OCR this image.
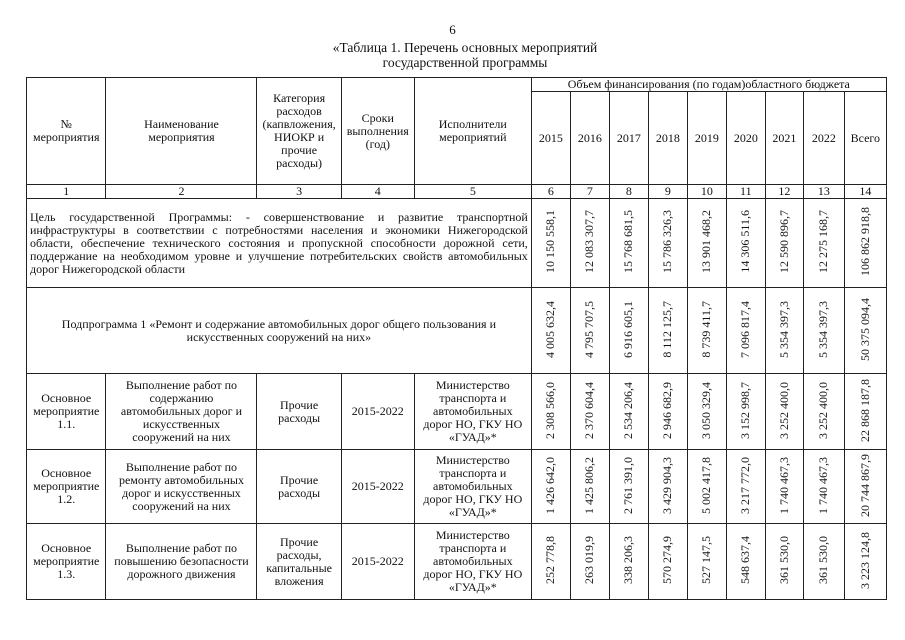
6
«Таблица 1. Перечень основных мероприятий
государственной программы
№ мероприятия	Наименование мероприятия	Категория расходов (капвложения, НИОКР и прочие расходы)	Сроки выполнения (год)	Исполнители мероприятий	Объем финансирования (по годам)областного бюджета								
					2015	2016	2017	2018	2019	2020	2021	2022	Всего
1	2	3	4	5	6	7	8	9	10	11	12	13	14
Цель государственной Программы: - совершенствование и развитие транспортной инфраструктуры в соответствии с потребностями населения и экономики Нижегородской области, обеспечение технического состояния и пропускной способности дорожной сети, поддержание на необходимом уровне и улучшение потребительских свойств автомобильных дорог Нижегородской области					10 150 558,1	12 083 307,7	15 768 681,5	15 786 326,3	13 901 468,2	14 306 511,6	12 590 896,7	12 275 168,7	106 862 918,8
Подпрограмма 1 «Ремонт и содержание автомобильных дорог общего пользования и искусственных сооружений на них»					4 005 632,4	4 795 707,5	6 916 605,1	8 112 125,7	8 739 411,7	7 096 817,4	5 354 397,3	5 354 397,3	50 375 094,4
Основное мероприятие 1.1.	Выполнение работ по содержанию автомобильных дорог и искусственных сооружений на них	Прочие расходы	2015-2022	Министерство транспорта и автомобильных дорог НО, ГКУ НО «ГУАД»*	2 308 566,0	2 370 604,4	2 534 206,4	2 946 682,9	3 050 329,4	3 152 998,7	3 252 400,0	3 252 400,0	22 868 187,8
Основное мероприятие 1.2.	Выполнение работ по ремонту автомобильных дорог и искусственных сооружений на них	Прочие расходы	2015-2022	Министерство транспорта и автомобильных дорог НО, ГКУ НО «ГУАД»*	1 426 642,0	1 425 806,2	2 761 391,0	3 429 904,3	5 002 417,8	3 217 772,0	1 740 467,3	1 740 467,3	20 744 867,9
Основное мероприятие 1.3.	Выполнение работ по повышению безопасности дорожного движения	Прочие расходы, капитальные вложения	2015-2022	Министерство транспорта и автомобильных дорог НО, ГКУ НО «ГУАД»*	252 778,8	263 019,9	338 206,3	570 274,9	527 147,5	548 637,4	361 530,0	361 530,0	3 223 124,8
